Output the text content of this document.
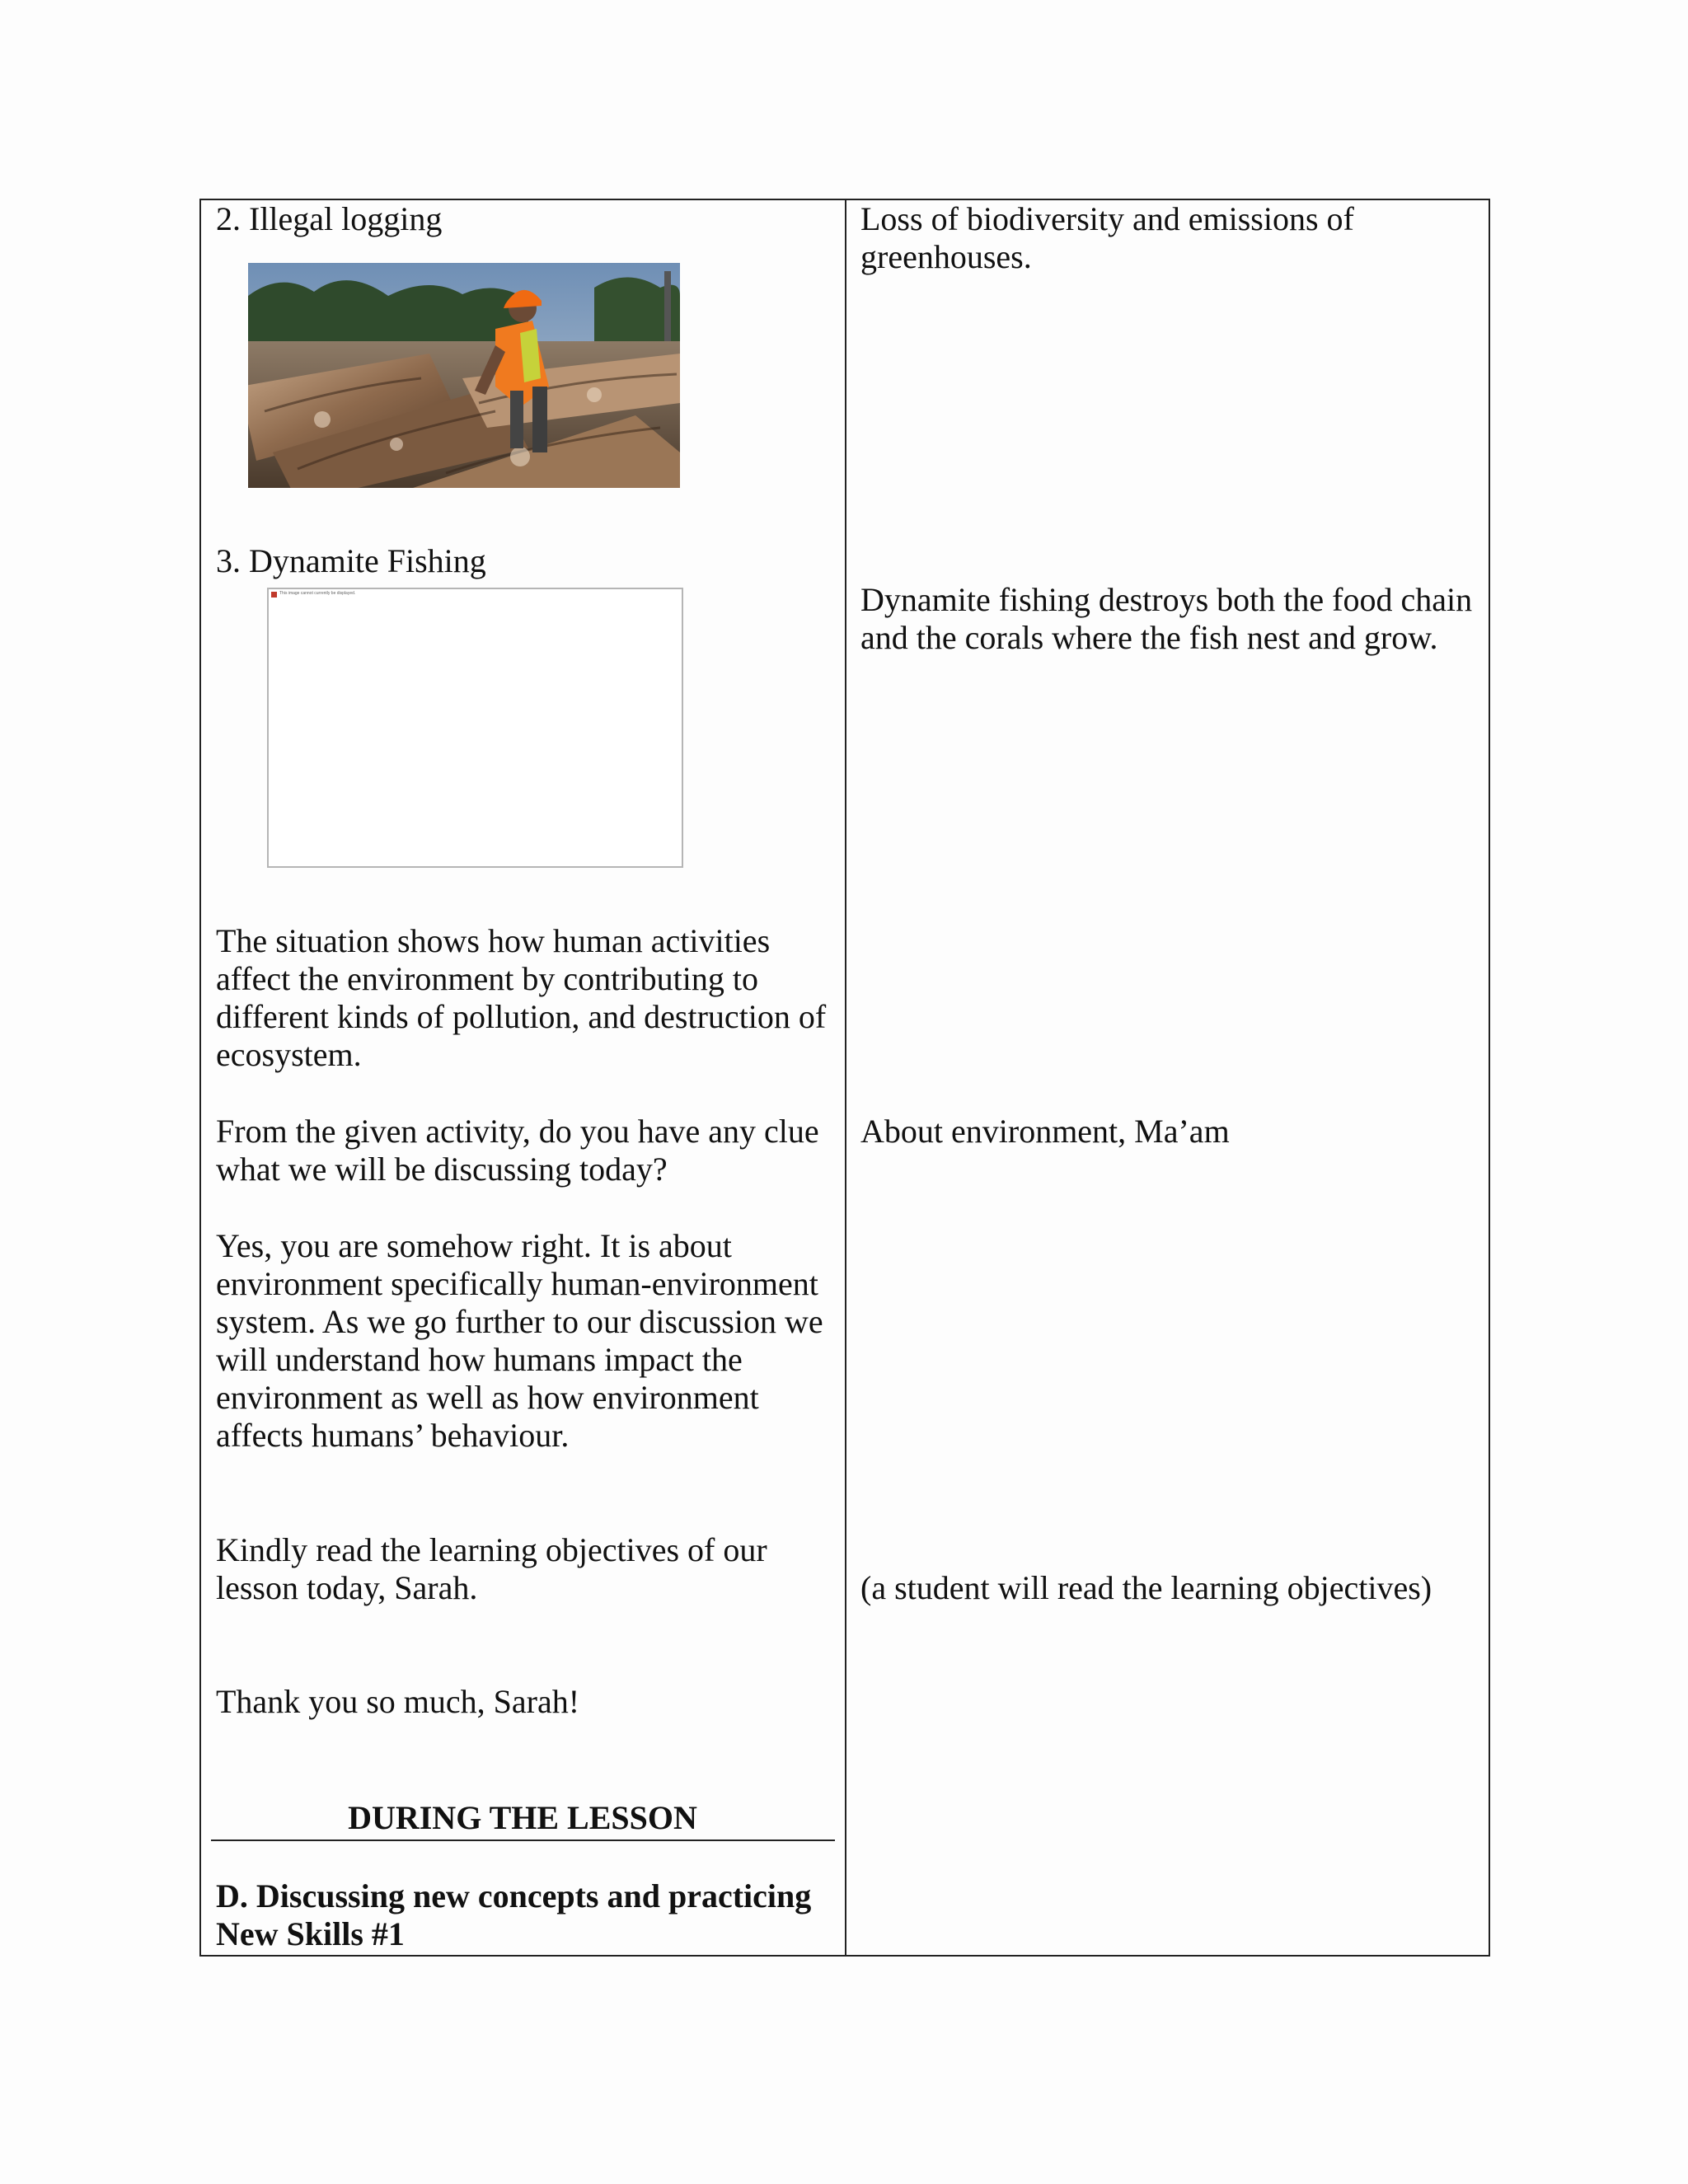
2. Illegal logging

3. Dynamite Fishing

This image cannot currently be displayed.

The situation shows how human activities
affect the environment by contributing to
different kinds of pollution, and destruction of
ecosystem.

From the given activity, do you have any clue
what we will be discussing today?

Yes, you are somehow right. It is about
environment specifically human-environment
system. As we go further to our discussion we
will understand how humans impact the
environment as well as how environment
affects humans’ behaviour.

Kindly read the learning objectives of our
lesson today, Sarah.

Thank you so much, Sarah!

DURING THE LESSON

D. Discussing new concepts and practicing
New Skills #1

Loss of biodiversity and emissions of
greenhouses.

Dynamite fishing destroys both the food chain
and the corals where the fish nest and grow.

About environment, Ma’am

(a student will read the learning objectives)
